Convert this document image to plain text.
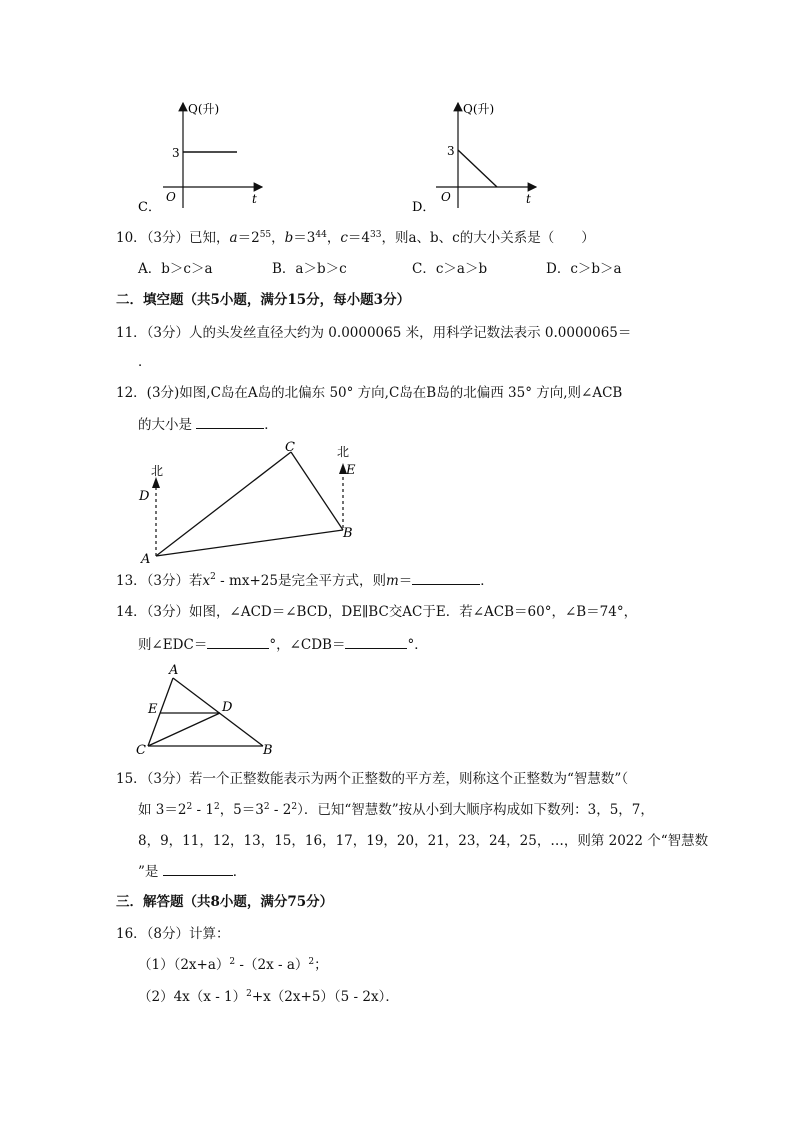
Q(升)
3
O	t
C．
Q(升)
3
O	t
D．
10．（3分）已知，$a=2^{55}$，$b=3^{44}$，$c=4^{33}$，则a、b、c的大小关系是（　　）
A．b＞c＞a	B．a＞b＞c	C．c＞a＞b	D．c＞b＞a
二．填空题（共5小题，满分15分，每小题3分）
11．（3分）人的头发丝直径大约为 0.0000065 米，用科学记数法表示 0.0000065＝
．
12．(3分)如图,C岛在A岛的北偏东 50° 方向,C岛在B岛的北偏西 35° 方向,则∠ACB
的大小是	．
北
北
D
E
C
B
A
13．（3分）若$x^2 - mx+25$是完全平方式，则m＝	．
14．（3分）如图，∠ACD＝∠BCD，DE∥BC交AC于E．若∠ACB＝60°，∠B＝74°，
则∠EDC＝	°，∠CDB＝	°．
A
E	D
C	B
15．（3分）若一个正整数能表示为两个正整数的平方差，则称这个正整数为“智慧数”（
如 $3=2^2 - 1^2$，$5=3^2 - 2^2$）．已知“智慧数”按从小到大顺序构成如下数列：3，5，7，
8，9，11，12，13，15，16，17，19，20，21，23，24，25，…，则第 2022 个“智慧数
”是	．
三．解答题（共8小题，满分75分）
16．（8分）计算：
$(1)(2x+a)^2$ -（2x - a）$^2$；
（2）4x（x - 1）$^2$+x（2x+5）（5 - 2x）．
